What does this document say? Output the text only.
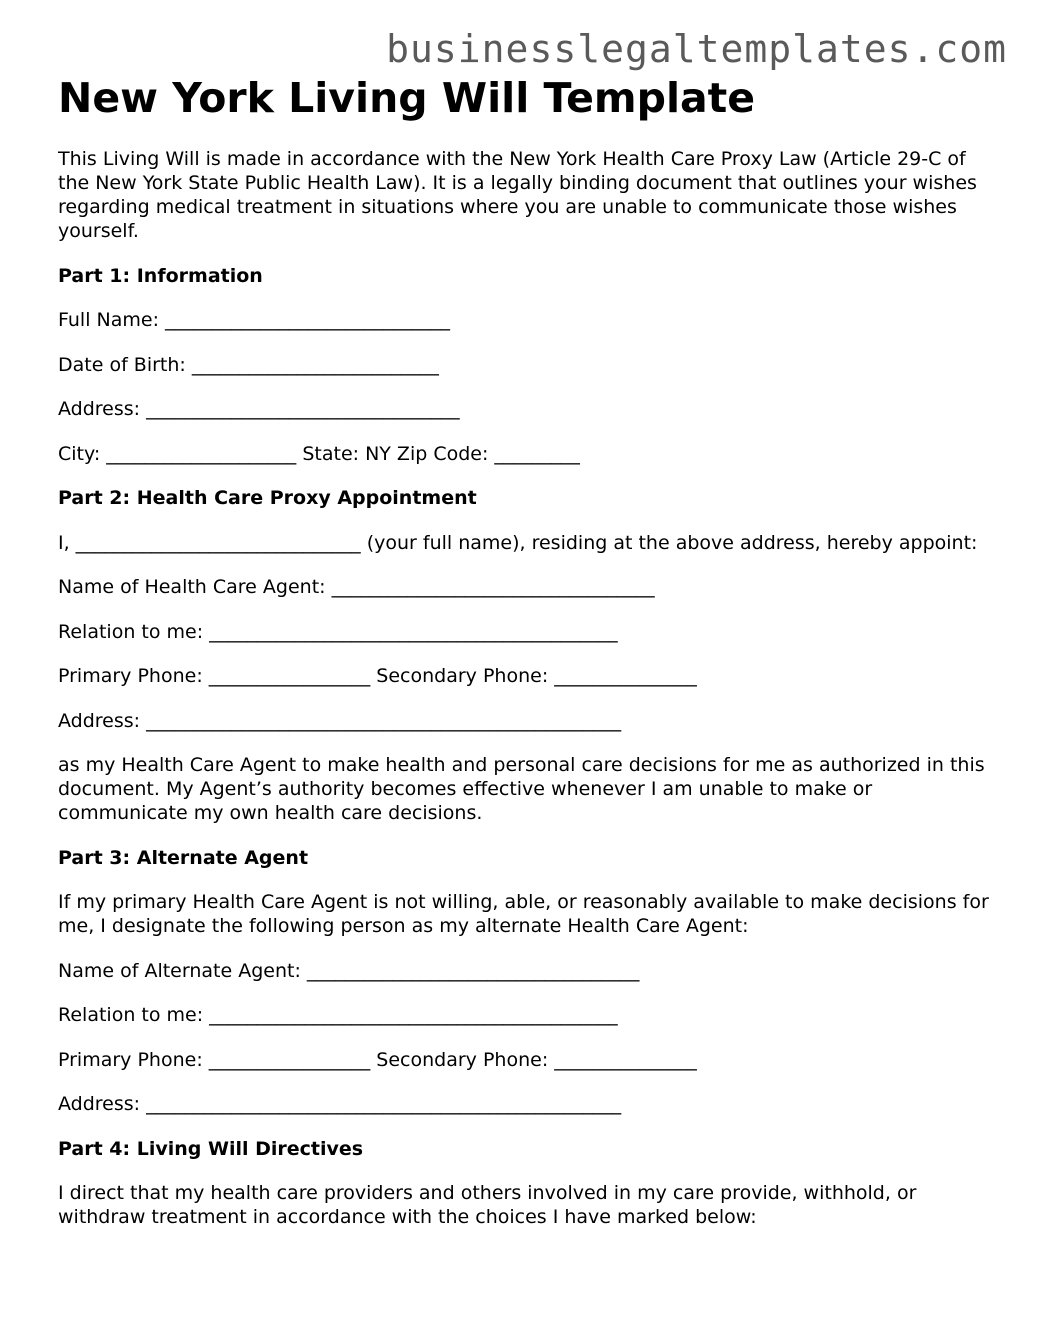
businesslegaltemplates.com
New York Living Will Template

This Living Will is made in accordance with the New York Health Care Proxy Law (Article 29-C of the New York State Public Health Law). It is a legally binding document that outlines your wishes regarding medical treatment in situations where you are unable to communicate those wishes yourself.

Part 1: Information

Full Name: ______________________________

Date of Birth: __________________________

Address: _________________________________

City: ____________________ State: NY Zip Code: _________

Part 2: Health Care Proxy Appointment

I, ______________________________ (your full name), residing at the above address, hereby appoint:

Name of Health Care Agent: __________________________________

Relation to me: ___________________________________________

Primary Phone: _________________ Secondary Phone: _______________

Address: __________________________________________________

as my Health Care Agent to make health and personal care decisions for me as authorized in this document. My Agent’s authority becomes effective whenever I am unable to make or communicate my own health care decisions.

Part 3: Alternate Agent

If my primary Health Care Agent is not willing, able, or reasonably available to make decisions for me, I designate the following person as my alternate Health Care Agent:

Name of Alternate Agent: ___________________________________

Relation to me: ___________________________________________

Primary Phone: _________________ Secondary Phone: _______________

Address: __________________________________________________

Part 4: Living Will Directives

I direct that my health care providers and others involved in my care provide, withhold, or withdraw treatment in accordance with the choices I have marked below:
